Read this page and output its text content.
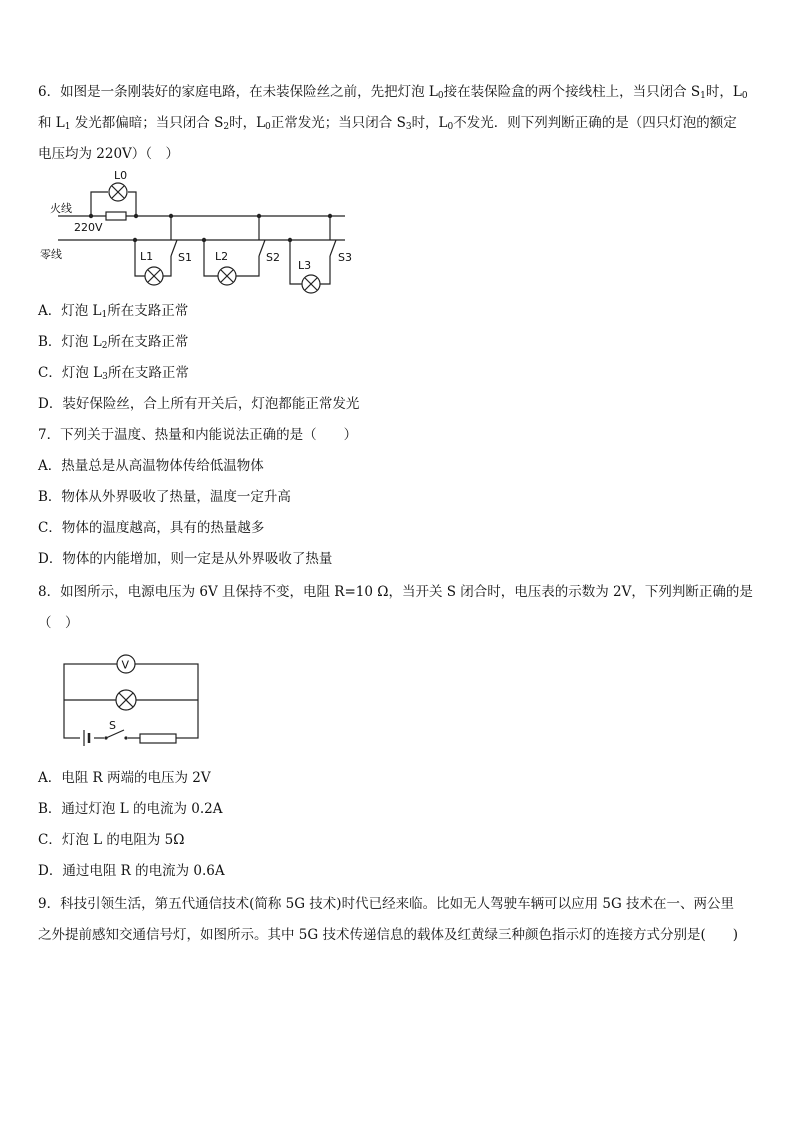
6．如图是一条刚装好的家庭电路，在未装保险丝之前，先把灯泡 $L_0$接在装保险盒的两个接线柱上，当只闭合 $S_1$时，$L_0$
和 $L_1$ 发光都偏暗；当只闭合 $S_2$时，$L_0$正常发光；当只闭合 $S_3$时，$L_0$不发光．则下列判断正确的是（四只灯泡的额定
电压均为 220V）（　）
火线
零线
220V
L0
L1 S1 L2	S2
L3
S3
A．灯泡 $L_1$所在支路正常
B．灯泡 $L_2$所在支路正常
C．灯泡 $L_3$所在支路正常
D．装好保险丝，合上所有开关后，灯泡都能正常发光
7．下列关于温度、热量和内能说法正确的是（　　）
A．热量总是从高温物体传给低温物体
B．物体从外界吸收了热量，温度一定升高
C．物体的温度越高，具有的热量越多
D．物体的内能增加，则一定是从外界吸收了热量
8．如图所示，电源电压为 6V 且保持不变，电阻 R=10 Ω，当开关 S 闭合时，电压表的示数为 2V，下列判断正确的是
（　）
V
S
A．电阻 R 两端的电压为 2V
B．通过灯泡 L 的电流为 0.2A
C．灯泡 L 的电阻为 5Ω
D．通过电阻 R 的电流为 0.6A
9．科技引领生活，第五代通信技术(简称 5G 技术)时代已经来临。比如无人驾驶车辆可以应用 5G 技术在一、两公里
之外提前感知交通信号灯，如图所示。其中 5G 技术传递信息的载体及红黄绿三种颜色指示灯的连接方式分别是(　　)
